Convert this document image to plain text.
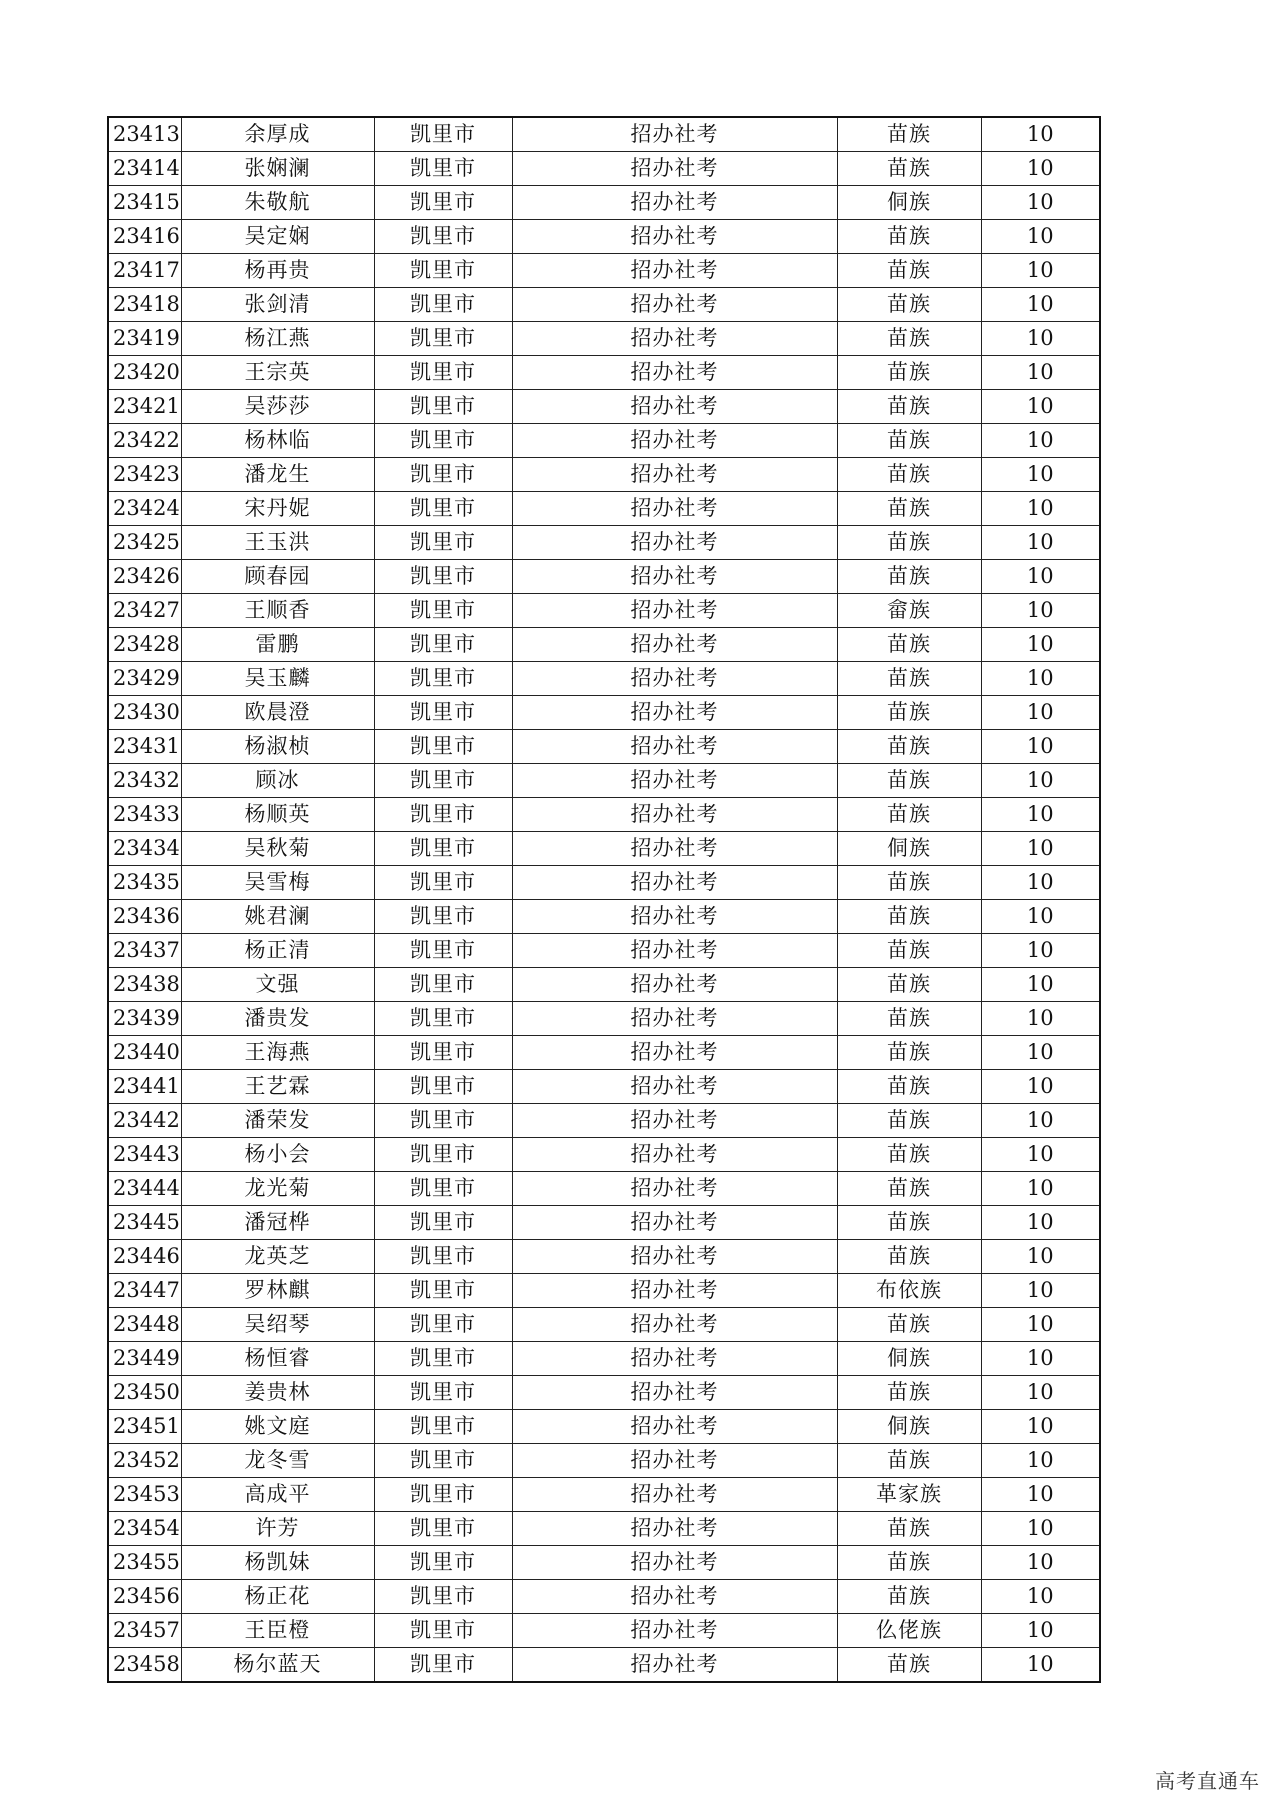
23413	余厚成	凯里市	招办社考	苗族	10
23414	张娴澜	凯里市	招办社考	苗族	10
23415	朱敬航	凯里市	招办社考	侗族	10
23416	吴定娴	凯里市	招办社考	苗族	10
23417	杨再贵	凯里市	招办社考	苗族	10
23418	张剑清	凯里市	招办社考	苗族	10
23419	杨江燕	凯里市	招办社考	苗族	10
23420	王宗英	凯里市	招办社考	苗族	10
23421	吴莎莎	凯里市	招办社考	苗族	10
23422	杨林临	凯里市	招办社考	苗族	10
23423	潘龙生	凯里市	招办社考	苗族	10
23424	宋丹妮	凯里市	招办社考	苗族	10
23425	王玉洪	凯里市	招办社考	苗族	10
23426	顾春园	凯里市	招办社考	苗族	10
23427	王顺香	凯里市	招办社考	畲族	10
23428	雷鹏	凯里市	招办社考	苗族	10
23429	吴玉麟	凯里市	招办社考	苗族	10
23430	欧晨澄	凯里市	招办社考	苗族	10
23431	杨淑桢	凯里市	招办社考	苗族	10
23432	顾冰	凯里市	招办社考	苗族	10
23433	杨顺英	凯里市	招办社考	苗族	10
23434	吴秋菊	凯里市	招办社考	侗族	10
23435	吴雪梅	凯里市	招办社考	苗族	10
23436	姚君澜	凯里市	招办社考	苗族	10
23437	杨正清	凯里市	招办社考	苗族	10
23438	文强	凯里市	招办社考	苗族	10
23439	潘贵发	凯里市	招办社考	苗族	10
23440	王海燕	凯里市	招办社考	苗族	10
23441	王艺霖	凯里市	招办社考	苗族	10
23442	潘荣发	凯里市	招办社考	苗族	10
23443	杨小会	凯里市	招办社考	苗族	10
23444	龙光菊	凯里市	招办社考	苗族	10
23445	潘冠桦	凯里市	招办社考	苗族	10
23446	龙英芝	凯里市	招办社考	苗族	10
23447	罗林麒	凯里市	招办社考	布依族	10
23448	吴绍琴	凯里市	招办社考	苗族	10
23449	杨恒睿	凯里市	招办社考	侗族	10
23450	姜贵林	凯里市	招办社考	苗族	10
23451	姚文庭	凯里市	招办社考	侗族	10
23452	龙冬雪	凯里市	招办社考	苗族	10
23453	高成平	凯里市	招办社考	革家族	10
23454	许芳	凯里市	招办社考	苗族	10
23455	杨凯妹	凯里市	招办社考	苗族	10
23456	杨正花	凯里市	招办社考	苗族	10
23457	王臣橙	凯里市	招办社考	仫佬族	10
23458	杨尔蓝天	凯里市	招办社考	苗族	10
高考直通车
